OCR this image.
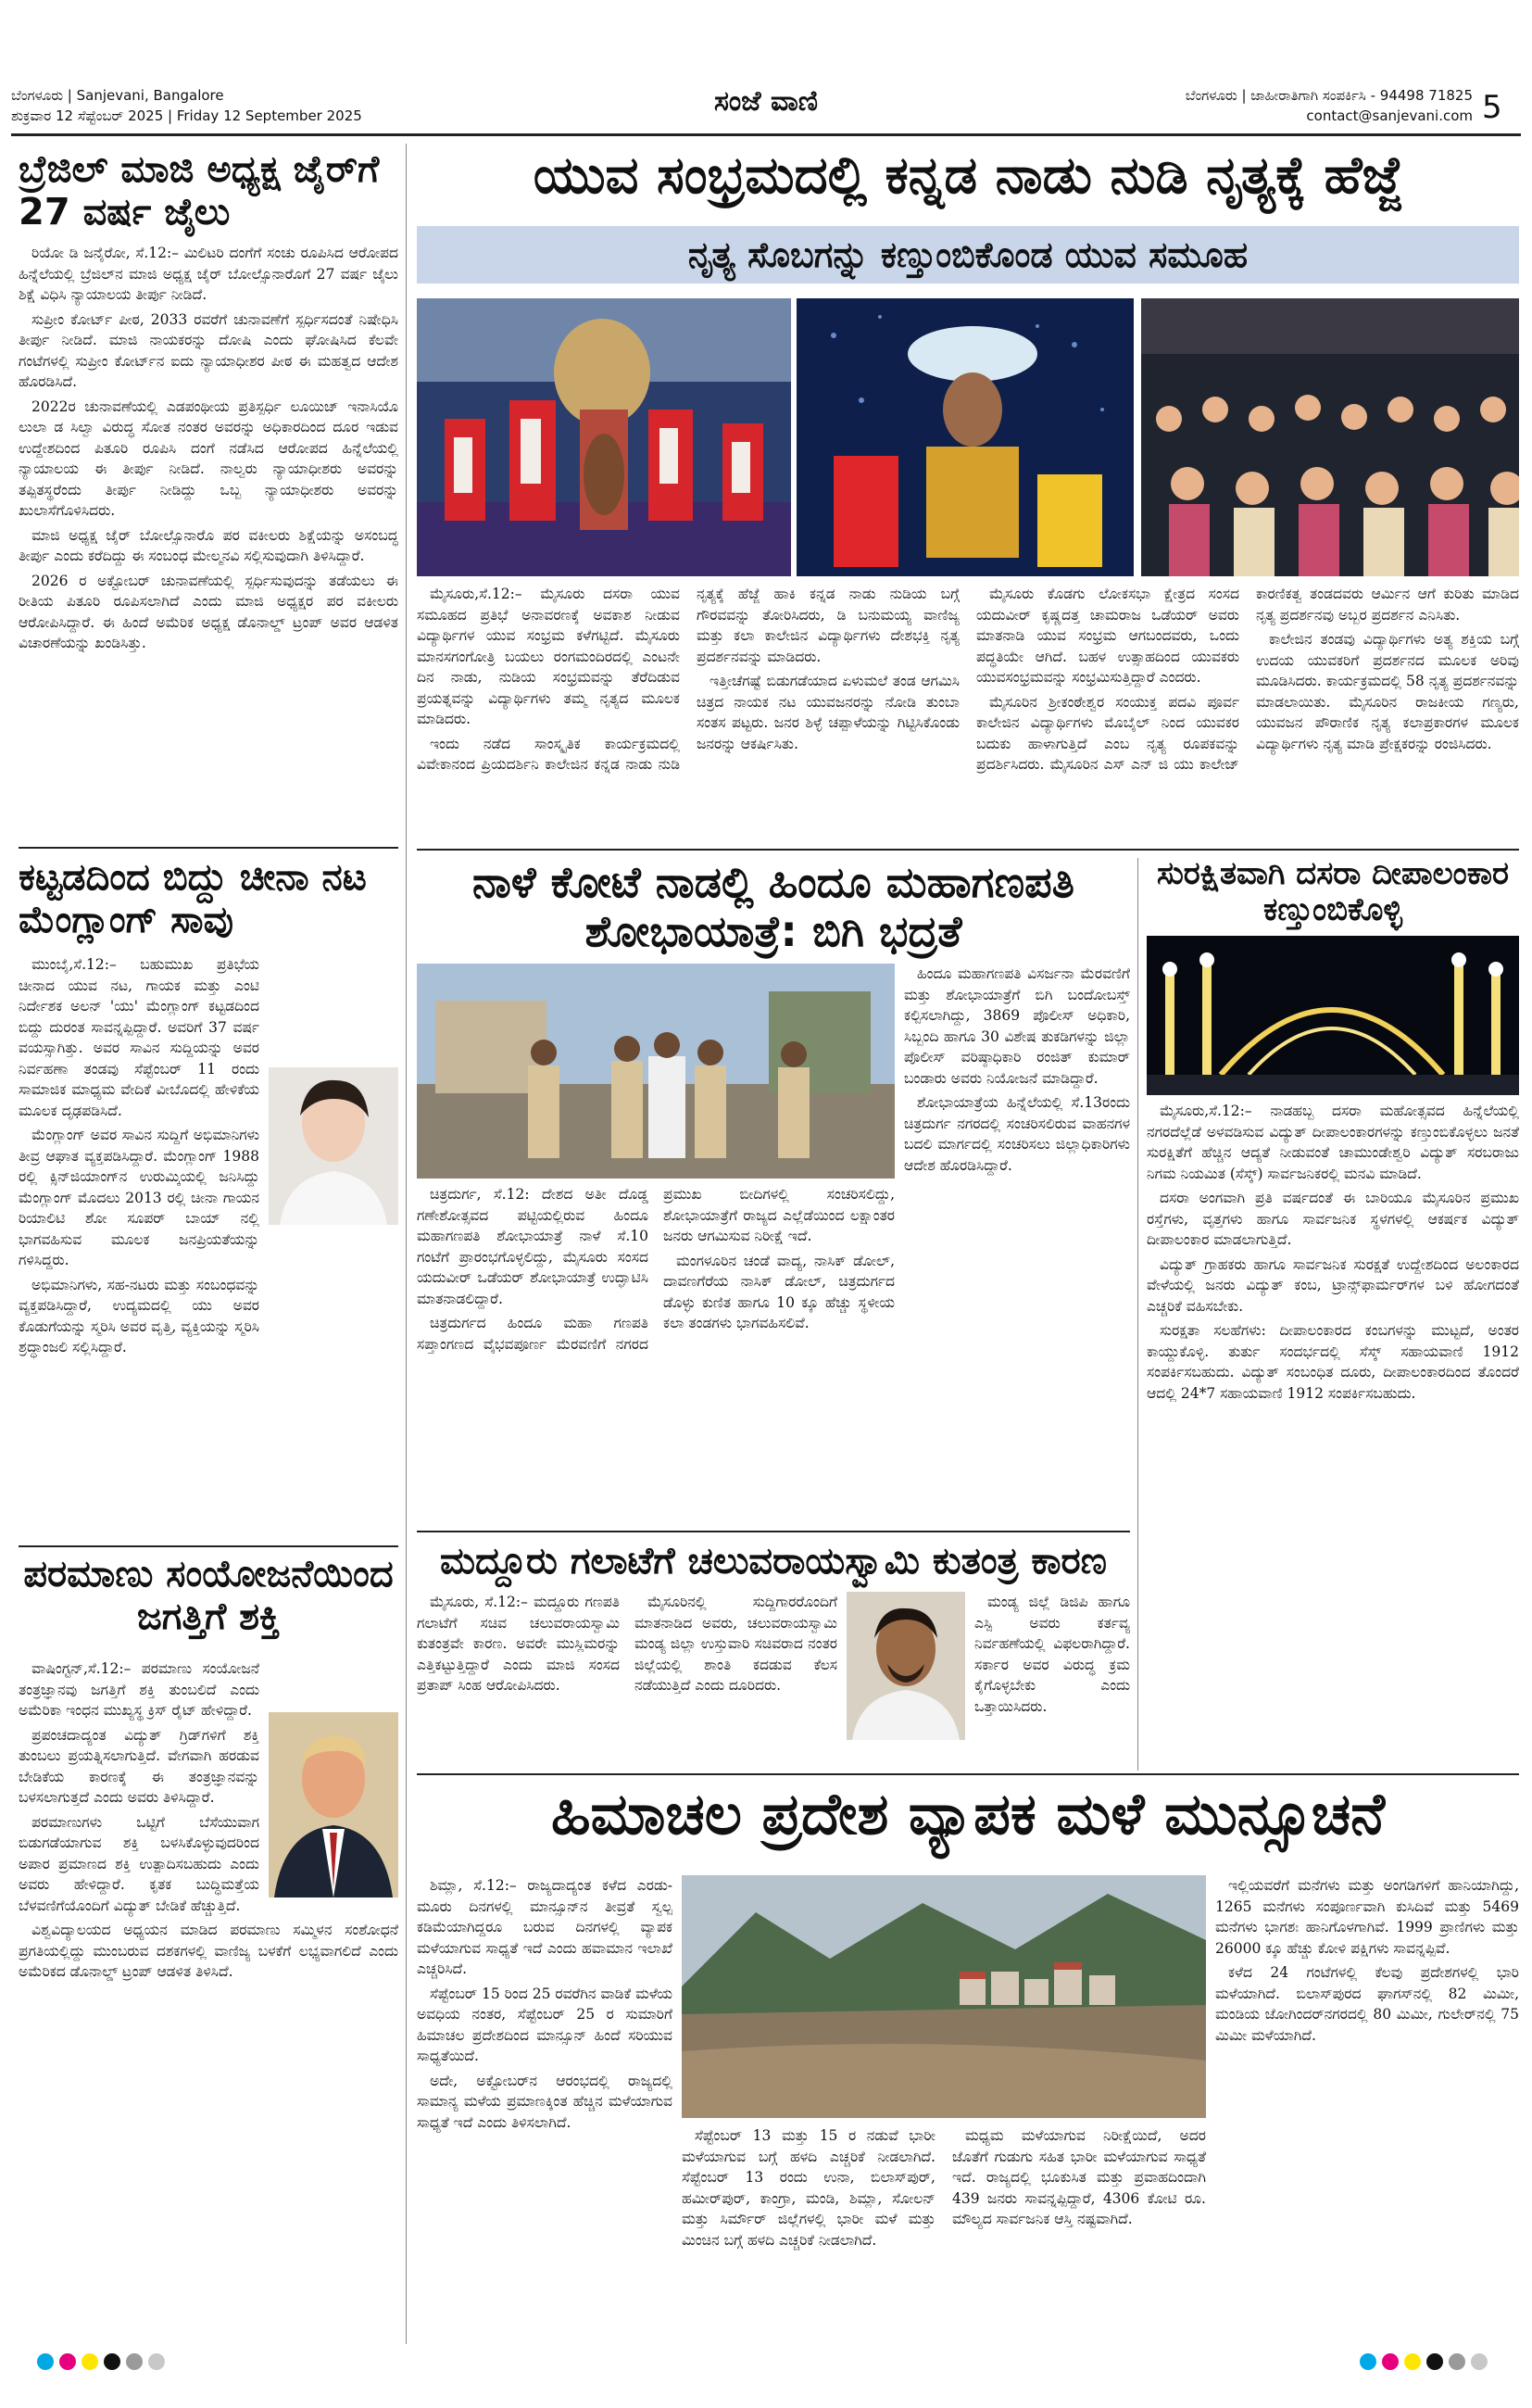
ಬೆಂಗಳೂರು | Sanjevani, Bangalore
ಶುಕ್ರವಾರ 12 ಸೆಪ್ಟೆಂಬರ್ 2025 | Friday 12 September 2025	ಸಂಜೆ ವಾಣಿ	ಬೆಂಗಳೂರು | ಜಾಹೀರಾತಿಗಾಗಿ ಸಂಪರ್ಕಿಸಿ - 94498 71825
contact@sanjevani.com 5
ಬ್ರೆಜಿಲ್ ಮಾಜಿ ಅಧ್ಯಕ್ಷ ಜೈರ್‌ಗೆ 27 ವರ್ಷ ಜೈಲು

ರಿಯೋ ಡಿ ಜನೈರೋ, ಸೆ.12:– ಮಿಲಿಟರಿ ದಂಗೆಗೆ ಸಂಚು ರೂಪಿಸಿದ ಆರೋಪದ ಹಿನ್ನೆಲೆಯಲ್ಲಿ ಬ್ರೆಜಿಲ್‌ನ ಮಾಜಿ ಅಧ್ಯಕ್ಷ ಜೈರ್ ಬೋಲ್ಸೊನಾರೊಗೆ 27 ವರ್ಷ ಜೈಲು ಶಿಕ್ಷೆ ವಿಧಿಸಿ ನ್ಯಾಯಾಲಯ ತೀರ್ಪು ನೀಡಿದೆ.

ಸುಪ್ರೀಂ ಕೋರ್ಟ್ ಪೀಠ, 2033 ರವರೆಗೆ ಚುನಾವಣೆಗೆ ಸ್ಪರ್ಧಿಸದಂತೆ ನಿಷೇಧಿಸಿ ತೀರ್ಪು ನೀಡಿದೆ. ಮಾಜಿ ನಾಯಕರನ್ನು ದೋಷಿ ಎಂದು ಘೋಷಿಸಿದ ಕೆಲವೇ ಗಂಟೆಗಳಲ್ಲಿ ಸುಪ್ರೀಂ ಕೋರ್ಟ್‌ನ ಐದು ನ್ಯಾಯಾಧೀಶರ ಪೀಠ ಈ ಮಹತ್ವದ ಆದೇಶ ಹೊರಡಿಸಿದೆ.

2022ರ ಚುನಾವಣೆಯಲ್ಲಿ ಎಡಪಂಥೀಯ ಪ್ರತಿಸ್ಪರ್ಧಿ ಲೂಯಿಜ್ ಇನಾಸಿಯೊ ಲುಲಾ ಡ ಸಿಲ್ವಾ ವಿರುದ್ಧ ಸೋತ ನಂತರ ಅವರನ್ನು ಅಧಿಕಾರದಿಂದ ದೂರ ಇಡುವ ಉದ್ದೇಶದಿಂದ ಪಿತೂರಿ ರೂಪಿಸಿ ದಂಗೆ ನಡೆಸಿದ ಆರೋಪದ ಹಿನ್ನೆಲೆಯಲ್ಲಿ ನ್ಯಾಯಾಲಯ ಈ ತೀರ್ಪು ನೀಡಿದೆ. ನಾಲ್ವರು ನ್ಯಾಯಾಧೀಶರು ಅವರನ್ನು ತಪ್ಪಿತಸ್ಥರೆಂದು ತೀರ್ಪು ನೀಡಿದ್ದು ಒಬ್ಬ ನ್ಯಾಯಾಧೀಶರು ಅವರನ್ನು ಖುಲಾಸೆಗೊಳಿಸಿದರು.

ಮಾಜಿ ಅಧ್ಯಕ್ಷ ಜೈರ್ ಬೋಲ್ಸೊನಾರೊ ಪರ ವಕೀಲರು ಶಿಕ್ಷೆಯನ್ನು ಅಸಂಬದ್ಧ ತೀರ್ಪು ಎಂದು ಕರೆದಿದ್ದು ಈ ಸಂಬಂಧ ಮೇಲ್ಮನವಿ ಸಲ್ಲಿಸುವುದಾಗಿ ತಿಳಿಸಿದ್ದಾರೆ.

2026 ರ ಅಕ್ಟೋಬರ್ ಚುನಾವಣೆಯಲ್ಲಿ ಸ್ಪರ್ಧಿಸುವುದನ್ನು ತಡೆಯಲು ಈ ರೀತಿಯ ಪಿತೂರಿ ರೂಪಿಸಲಾಗಿದೆ ಎಂದು ಮಾಜಿ ಅಧ್ಯಕ್ಷರ ಪರ ವಕೀಲರು ಆರೋಪಿಸಿದ್ದಾರೆ. ಈ ಹಿಂದೆ ಅಮೆರಿಕ ಅಧ್ಯಕ್ಷ ಡೊನಾಲ್ಡ್ ಟ್ರಂಪ್ ಅವರ ಆಡಳಿತ ವಿಚಾರಣೆಯನ್ನು ಖಂಡಿಸಿತ್ತು.

ಕಟ್ಟಡದಿಂದ ಬಿದ್ದು ಚೀನಾ ನಟ ಮೆಂಗ್ಲಾಂಗ್ ಸಾವು

ಮುಂಬೈ,ಸೆ.12:– ಬಹುಮುಖ ಪ್ರತಿಭೆಯ ಚೀನಾದ ಯುವ ನಟ, ಗಾಯಕ ಮತ್ತು ಎಂಟಿ ನಿರ್ದೇಶಕ ಅಲನ್ 'ಯು' ಮೆಂಗ್ಲಾಂಗ್ ಕಟ್ಟಡದಿಂದ ಬಿದ್ದು ದುರಂತ ಸಾವನ್ನಪ್ಪಿದ್ದಾರೆ. ಅವರಿಗೆ 37 ವರ್ಷ ವಯಸ್ಸಾಗಿತ್ತು. ಅವರ ಸಾವಿನ ಸುದ್ದಿಯನ್ನು ಅವರ ನಿರ್ವಹಣಾ ತಂಡವು ಸೆಪ್ಟೆಂಬರ್ 11 ರಂದು ಸಾಮಾಜಿಕ ಮಾಧ್ಯಮ ವೇದಿಕೆ ವೀಬೊದಲ್ಲಿ ಹೇಳಿಕೆಯ ಮೂಲಕ ದೃಢಪಡಿಸಿದೆ.

ಮೆಂಗ್ಲಾಂಗ್ ಅವರ ಸಾವಿನ ಸುದ್ದಿಗೆ ಅಭಿಮಾನಿಗಳು ತೀವ್ರ ಆಘಾತ ವ್ಯಕ್ತಪಡಿಸಿದ್ದಾರೆ. ಮೆಂಗ್ಲಾಂಗ್ 1988 ರಲ್ಲಿ ಕ್ಸಿನ್‌ಜಿಯಾಂಗ್‌ನ ಉರುಮ್ಕಿಯಲ್ಲಿ ಜನಿಸಿದ್ದು ಮೆಂಗ್ಲಾಂಗ್ ಮೊದಲು 2013 ರಲ್ಲಿ ಚೀನಾ ಗಾಯನ ರಿಯಾಲಿಟಿ ಶೋ ಸೂಪರ್ ಬಾಯ್ ನಲ್ಲಿ ಭಾಗವಹಿಸುವ ಮೂಲಕ ಜನಪ್ರಿಯತೆಯನ್ನು ಗಳಿಸಿದ್ದರು.

ಅಭಿಮಾನಿಗಳು, ಸಹ-ನಟರು ಮತ್ತು ಸಂಬಂಧವನ್ನು ವ್ಯಕ್ತಪಡಿಸಿದ್ದಾರೆ, ಉದ್ಯಮದಲ್ಲಿ ಯು ಅವರ ಕೊಡುಗೆಯನ್ನು ಸ್ಮರಿಸಿ ಅವರ ವೃತ್ತಿ, ವ್ಯಕ್ತಿಯನ್ನು ಸ್ಮರಿಸಿ ಶ್ರದ್ಧಾಂಜಲಿ ಸಲ್ಲಿಸಿದ್ದಾರೆ.

ಪರಮಾಣು ಸಂಯೋಜನೆಯಿಂದ ಜಗತ್ತಿಗೆ ಶಕ್ತಿ

ವಾಷಿಂಗ್ಟನ್,ಸೆ.12:– ಪರಮಾಣು ಸಂಯೋಜನೆ ತಂತ್ರಜ್ಞಾನವು ಜಗತ್ತಿಗೆ ಶಕ್ತಿ ತುಂಬಲಿದೆ ಎಂದು ಅಮೆರಿಕಾ ಇಂಧನ ಮುಖ್ಯಸ್ಥ ಕ್ರಿಸ್ ರೈಟ್ ಹೇಳಿದ್ದಾರೆ.

ಪ್ರಪಂಚದಾದ್ಯಂತ ವಿದ್ಯುತ್ ಗ್ರಿಡ್‌ಗಳಿಗೆ ಶಕ್ತಿ ತುಂಬಲು ಪ್ರಯತ್ನಿಸಲಾಗುತ್ತಿದೆ. ವೇಗವಾಗಿ ಹರಡುವ ಬೇಡಿಕೆಯ ಕಾರಣಕ್ಕೆ ಈ ತಂತ್ರಜ್ಞಾನವನ್ನು ಬಳಸಲಾಗುತ್ತದೆ ಎಂದು ಅವರು ತಿಳಿಸಿದ್ದಾರೆ.

ಪರಮಾಣುಗಳು ಒಟ್ಟಿಗೆ ಬೆಸೆಯುವಾಗ ಬಿಡುಗಡೆಯಾಗುವ ಶಕ್ತಿ ಬಳಸಿಕೊಳ್ಳುವುದರಿಂದ ಅಪಾರ ಪ್ರಮಾಣದ ಶಕ್ತಿ ಉತ್ಪಾದಿಸಬಹುದು ಎಂದು ಅವರು ಹೇಳಿದ್ದಾರೆ. ಕೃತಕ ಬುದ್ಧಿಮತ್ತೆಯ ಬೆಳವಣಿಗೆಯೊಂದಿಗೆ ವಿದ್ಯುತ್ ಬೇಡಿಕೆ ಹೆಚ್ಚುತ್ತಿದೆ.

ವಿಶ್ವವಿದ್ಯಾಲಯದ ಅಧ್ಯಯನ ಮಾಡಿದ ಪರಮಾಣು ಸಮ್ಮಿಳನ ಸಂಶೋಧನೆ ಪ್ರಗತಿಯಲ್ಲಿದ್ದು ಮುಂಬರುವ ದಶಕಗಳಲ್ಲಿ ವಾಣಿಜ್ಯ ಬಳಕೆಗೆ ಲಭ್ಯವಾಗಲಿದೆ ಎಂದು ಅಮೆರಿಕದ ಡೊನಾಲ್ಡ್ ಟ್ರಂಪ್ ಆಡಳಿತ ತಿಳಿಸಿದೆ.

ಯುವ ಸಂಭ್ರಮದಲ್ಲಿ ಕನ್ನಡ ನಾಡು ನುಡಿ ನೃತ್ಯಕ್ಕೆ ಹೆಜ್ಜೆ
ನೃತ್ಯ ಸೊಬಗನ್ನು ಕಣ್ತುಂಬಿಕೊಂಡ ಯುವ ಸಮೂಹ

ಮೈಸೂರು,ಸೆ.12:– ಮೈಸೂರು ದಸರಾ ಯುವ ಸಮೂಹದ ಪ್ರತಿಭೆ ಅನಾವರಣಕ್ಕೆ ಅವಕಾಶ ನೀಡುವ ವಿದ್ಯಾರ್ಥಿಗಳ ಯುವ ಸಂಭ್ರಮ ಕಳೆಗಟ್ಟಿದೆ. ಮೈಸೂರು ಮಾನಸಗಂಗೋತ್ರಿ ಬಯಲು ರಂಗಮಂದಿರದಲ್ಲಿ ಎಂಟನೇ ದಿನ ನಾಡು, ನುಡಿಯ ಸಂಭ್ರಮವನ್ನು ತೆರೆದಿಡುವ ಪ್ರಯತ್ನವನ್ನು ವಿದ್ಯಾರ್ಥಿಗಳು ತಮ್ಮ ನೃತ್ಯದ ಮೂಲಕ ಮಾಡಿದರು.

ಇಂದು ನಡೆದ ಸಾಂಸ್ಕೃತಿಕ ಕಾರ್ಯಕ್ರಮದಲ್ಲಿ ವಿವೇಕಾನಂದ ಪ್ರಿಯದರ್ಶಿನಿ ಕಾಲೇಜಿನ ಕನ್ನಡ ನಾಡು ನುಡಿ ನೃತ್ಯಕ್ಕೆ ಹೆಜ್ಜೆ ಹಾಕಿ ಕನ್ನಡ ನಾಡು ನುಡಿಯ ಬಗ್ಗೆ ಗೌರವವನ್ನು ತೋರಿಸಿದರು, ಡಿ ಬನುಮಯ್ಯ ವಾಣಿಜ್ಯ ಮತ್ತು ಕಲಾ ಕಾಲೇಜಿನ ವಿದ್ಯಾರ್ಥಿಗಳು ದೇಶಭಕ್ತಿ ನೃತ್ಯ ಪ್ರದರ್ಶನವನ್ನು ಮಾಡಿದರು.

ಇತ್ತೀಚೆಗಷ್ಟೆ ಬಿಡುಗಡೆಯಾದ ಏಳುಮಲೆ ತಂಡ ಆಗಮಿಸಿ ಚಿತ್ರದ ನಾಯಕ ನಟ ಯುವಜನರನ್ನು ನೋಡಿ ತುಂಬಾ ಸಂತಸ ಪಟ್ಟರು. ಜನರ ಶಿಳ್ಳೆ ಚಪ್ಪಾಳೆಯನ್ನು ಗಿಟ್ಟಿಸಿಕೊಂಡು ಜನರನ್ನು ಆಕರ್ಷಿಸಿತು.

ಮೈಸೂರು ಕೊಡಗು ಲೋಕಸಭಾ ಕ್ಷೇತ್ರದ ಸಂಸದ ಯದುವೀರ್ ಕೃಷ್ಣದತ್ತ ಚಾಮರಾಜ ಒಡೆಯರ್ ಅವರು ಮಾತನಾಡಿ ಯುವ ಸಂಭ್ರಮ ಆಗಬಂದವರು, ಒಂದು ಪದ್ಧತಿಯೇ ಆಗಿದೆ. ಬಹಳ ಉತ್ಸಾಹದಿಂದ ಯುವಕರು ಯುವಸಂಭ್ರಮವನ್ನು ಸಂಭ್ರಮಿಸುತ್ತಿದ್ದಾರೆ ಎಂದರು.

ಮೈಸೂರಿನ ಶ್ರೀಕಂಠೇಶ್ವರ ಸಂಯುಕ್ತ ಪದವಿ ಪೂರ್ವ ಕಾಲೇಜಿನ ವಿದ್ಯಾರ್ಥಿಗಳು ಮೊಬೈಲ್ ನಿಂದ ಯುವಕರ ಬದುಕು ಹಾಳಾಗುತ್ತಿದೆ ಎಂಬ ನೃತ್ಯ ರೂಪಕವನ್ನು ಪ್ರದರ್ಶಿಸಿದರು. ಮೈಸೂರಿನ ಎಸ್ ಎನ್ ಜಿ ಯು ಕಾಲೇಜ್ ಕಾರಣಿಕತ್ವ ತಂಡದವರು ಆರ್ಮಿನ ಆಗೆ ಕುರಿತು ಮಾಡಿದ ನೃತ್ಯ ಪ್ರದರ್ಶನವು ಅಬ್ಬರ ಪ್ರದರ್ಶನ ಎನಿಸಿತು.

ಕಾಲೇಜಿನ ತಂಡವು ವಿದ್ಯಾರ್ಥಿಗಳು ಅತ್ಯ ಶಕ್ತಿಯ ಬಗ್ಗೆ ಉದಯ ಯುವಕರಿಗೆ ಪ್ರದರ್ಶನದ ಮೂಲಕ ಅರಿವು ಮೂಡಿಸಿದರು. ಕಾರ್ಯಕ್ರಮದಲ್ಲಿ 58 ನೃತ್ಯ ಪ್ರದರ್ಶನವನ್ನು ಮಾಡಲಾಯಿತು. ಮೈಸೂರಿನ ರಾಜಕೀಯ ಗಣ್ಯರು, ಯುವಜನ ಪೌರಾಣಿಕ ನೃತ್ಯ ಕಲಾಪ್ರಕಾರಗಳ ಮೂಲಕ ವಿದ್ಯಾರ್ಥಿಗಳು ನೃತ್ಯ ಮಾಡಿ ಪ್ರೇಕ್ಷಕರನ್ನು ರಂಜಿಸಿದರು.

ನಾಳೆ ಕೋಟೆ ನಾಡಲ್ಲಿ ಹಿಂದೂ ಮಹಾಗಣಪತಿ ಶೋಭಾಯಾತ್ರೆ: ಬಿಗಿ ಭದ್ರತೆ

ಚಿತ್ರದುರ್ಗ, ಸೆ.12: ದೇಶದ ಅತೀ ದೊಡ್ಡ ಗಣೇಶೋತ್ಸವದ ಪಟ್ಟಿಯಲ್ಲಿರುವ ಹಿಂದೂ ಮಹಾಗಣಪತಿ ಶೋಭಾಯಾತ್ರೆ ನಾಳೆ ಸೆ.10 ಗಂಟೆಗೆ ಪ್ರಾರಂಭಗೊಳ್ಳಲಿದ್ದು, ಮೈಸೂರು ಸಂಸದ ಯದುವೀರ್ ಒಡೆಯರ್ ಶೋಭಾಯಾತ್ರೆ ಉದ್ಘಾಟಿಸಿ ಮಾತನಾಡಲಿದ್ದಾರೆ.

ಚಿತ್ರದುರ್ಗದ ಹಿಂದೂ ಮಹಾ ಗಣಪತಿ ಸಪ್ತಾಂಗಣದ ವೈಭವಪೂರ್ಣ ಮೆರವಣಿಗೆ ನಗರದ ಪ್ರಮುಖ ಬೀದಿಗಳಲ್ಲಿ ಸಂಚರಿಸಲಿದ್ದು, ಶೋಭಾಯಾತ್ರೆಗೆ ರಾಜ್ಯದ ಎಲ್ಲೆಡೆಯಿಂದ ಲಕ್ಷಾಂತರ ಜನರು ಆಗಮಿಸುವ ನಿರೀಕ್ಷೆ ಇದೆ.

ಮಂಗಳೂರಿನ ಚಂಡೆ ವಾದ್ಯ, ನಾಸಿಕ್ ಡೋಲ್, ದಾವಣಗೆರೆಯ ನಾಸಿಕ್ ಡೋಲ್, ಚಿತ್ರದುರ್ಗದ ಡೊಳ್ಳು ಕುಣಿತ ಹಾಗೂ 10 ಕ್ಕೂ ಹೆಚ್ಚು ಸ್ಥಳೀಯ ಕಲಾ ತಂಡಗಳು ಭಾಗವಹಿಸಲಿವೆ.

ಹಿಂದೂ ಮಹಾಗಣಪತಿ ವಿಸರ್ಜನಾ ಮೆರವಣಿಗೆ ಮತ್ತು ಶೋಭಾಯಾತ್ರೆಗೆ ಬಿಗಿ ಬಂದೋಬಸ್ತ್ ಕಲ್ಪಿಸಲಾಗಿದ್ದು, 3869 ಪೊಲೀಸ್ ಅಧಿಕಾರಿ, ಸಿಬ್ಬಂದಿ ಹಾಗೂ 30 ವಿಶೇಷ ತುಕಡಿಗಳನ್ನು ಜಿಲ್ಲಾ ಪೊಲೀಸ್ ವರಿಷ್ಠಾಧಿಕಾರಿ ರಂಜಿತ್ ಕುಮಾರ್ ಬಂಡಾರು ಅವರು ನಿಯೋಜನೆ ಮಾಡಿದ್ದಾರೆ.

ಶೋಭಾಯಾತ್ರೆಯ ಹಿನ್ನೆಲೆಯಲ್ಲಿ ಸೆ.13ರಂದು ಚಿತ್ರದುರ್ಗ ನಗರದಲ್ಲಿ ಸಂಚರಿಸಲಿರುವ ವಾಹನಗಳ ಬದಲಿ ಮಾರ್ಗದಲ್ಲಿ ಸಂಚರಿಸಲು ಜಿಲ್ಲಾಧಿಕಾರಿಗಳು ಆದೇಶ ಹೊರಡಿಸಿದ್ದಾರೆ.

ಮದ್ದೂರು ಗಲಾಟೆಗೆ ಚಲುವರಾಯಸ್ವಾಮಿ ಕುತಂತ್ರ ಕಾರಣ

ಮೈಸೂರು, ಸೆ.12:– ಮದ್ದೂರು ಗಣಪತಿ ಗಲಾಟೆಗೆ ಸಚಿವ ಚಲುವರಾಯಸ್ವಾಮಿ ಕುತಂತ್ರವೇ ಕಾರಣ. ಅವರೇ ಮುಸ್ಲಿಮರನ್ನು ಎತ್ತಿಕಟ್ಟುತ್ತಿದ್ದಾರೆ ಎಂದು ಮಾಜಿ ಸಂಸದ ಪ್ರತಾಪ್ ಸಿಂಹ ಆರೋಪಿಸಿದರು.

ಮೈಸೂರಿನಲ್ಲಿ ಸುದ್ದಿಗಾರರೊಂದಿಗೆ ಮಾತನಾಡಿದ ಅವರು, ಚಲುವರಾಯಸ್ವಾಮಿ ಮಂಡ್ಯ ಜಿಲ್ಲಾ ಉಸ್ತುವಾರಿ ಸಚಿವರಾದ ನಂತರ ಜಿಲ್ಲೆಯಲ್ಲಿ ಶಾಂತಿ ಕದಡುವ ಕೆಲಸ ನಡೆಯುತ್ತಿದೆ ಎಂದು ದೂರಿದರು.

ಮಂಡ್ಯ ಜಿಲ್ಲೆ ಡಿಜಿಪಿ ಹಾಗೂ ಎಸ್ಪಿ ಅವರು ಕರ್ತವ್ಯ ನಿರ್ವಹಣೆಯಲ್ಲಿ ವಿಫಲರಾಗಿದ್ದಾರೆ. ಸರ್ಕಾರ ಅವರ ವಿರುದ್ಧ ಕ್ರಮ ಕೈಗೊಳ್ಳಬೇಕು ಎಂದು ಒತ್ತಾಯಿಸಿದರು.

ಸುರಕ್ಷಿತವಾಗಿ ದಸರಾ ದೀಪಾಲಂಕಾರ ಕಣ್ತುಂಬಿಕೊಳ್ಳಿ

ಮೈಸೂರು,ಸೆ.12:– ನಾಡಹಬ್ಬ ದಸರಾ ಮಹೋತ್ಸವದ ಹಿನ್ನೆಲೆಯಲ್ಲಿ ನಗರದೆಲ್ಲೆಡೆ ಅಳವಡಿಸುವ ವಿದ್ಯುತ್ ದೀಪಾಲಂಕಾರಗಳನ್ನು ಕಣ್ತುಂಬಿಕೊಳ್ಳಲು ಜನತೆ ಸುರಕ್ಷಿತೆಗೆ ಹೆಚ್ಚಿನ ಆದ್ಯತೆ ನೀಡುವಂತೆ ಚಾಮುಂಡೇಶ್ವರಿ ವಿದ್ಯುತ್ ಸರಬರಾಜು ನಿಗಮ ನಿಯಮಿತ (ಸೆಸ್ಕ್) ಸಾರ್ವಜನಿಕರಲ್ಲಿ ಮನವಿ ಮಾಡಿದೆ.

ದಸರಾ ಅಂಗವಾಗಿ ಪ್ರತಿ ವರ್ಷದಂತೆ ಈ ಬಾರಿಯೂ ಮೈಸೂರಿನ ಪ್ರಮುಖ ರಸ್ತೆಗಳು, ವೃತ್ತಗಳು ಹಾಗೂ ಸಾರ್ವಜನಿಕ ಸ್ಥಳಗಳಲ್ಲಿ ಆಕರ್ಷಕ ವಿದ್ಯುತ್ ದೀಪಾಲಂಕಾರ ಮಾಡಲಾಗುತ್ತಿದೆ.

ವಿದ್ಯುತ್ ಗ್ರಾಹಕರು ಹಾಗೂ ಸಾರ್ವಜನಿಕ ಸುರಕ್ಷತೆ ಉದ್ದೇಶದಿಂದ ಅಲಂಕಾರದ ವೇಳೆಯಲ್ಲಿ ಜನರು ವಿದ್ಯುತ್ ಕಂಬ, ಟ್ರಾನ್ಸ್‌ಫಾರ್ಮರ್‌ಗಳ ಬಳಿ ಹೋಗದಂತೆ ಎಚ್ಚರಿಕೆ ವಹಿಸಬೇಕು.

ಸುರಕ್ಷತಾ ಸಲಹೆಗಳು: ದೀಪಾಲಂಕಾರದ ಕಂಬಗಳನ್ನು ಮುಟ್ಟದೆ, ಅಂತರ ಕಾಯ್ದುಕೊಳ್ಳಿ. ತುರ್ತು ಸಂದರ್ಭದಲ್ಲಿ ಸೆಸ್ಕ್ ಸಹಾಯವಾಣಿ 1912 ಸಂಪರ್ಕಿಸಬಹುದು. ವಿದ್ಯುತ್ ಸಂಬಂಧಿತ ದೂರು, ದೀಪಾಲಂಕಾರದಿಂದ ತೊಂದರೆ ಆದಲ್ಲಿ 24*7 ಸಹಾಯವಾಣಿ 1912 ಸಂಪರ್ಕಿಸಬಹುದು.

ಹಿಮಾಚಲ ಪ್ರದೇಶ ವ್ಯಾಪಕ ಮಳೆ ಮುನ್ಸೂಚನೆ

ಶಿಮ್ಲಾ, ಸೆ.12:– ರಾಜ್ಯದಾದ್ಯಂತ ಕಳೆದ ಎರಡು-ಮೂರು ದಿನಗಳಲ್ಲಿ ಮಾನ್ಸೂನ್‌ನ ತೀವ್ರತೆ ಸ್ವಲ್ಪ ಕಡಿಮೆಯಾಗಿದ್ದರೂ ಬರುವ ದಿನಗಳಲ್ಲಿ ವ್ಯಾಪಕ ಮಳೆಯಾಗುವ ಸಾಧ್ಯತೆ ಇದೆ ಎಂದು ಹವಾಮಾನ ಇಲಾಖೆ ಎಚ್ಚರಿಸಿದೆ.

ಸೆಪ್ಟೆಂಬರ್ 15 ರಿಂದ 25 ರವರೆಗಿನ ವಾಡಿಕೆ ಮಳೆಯ ಅವಧಿಯ ನಂತರ, ಸೆಪ್ಟೆಂಬರ್ 25 ರ ಸುಮಾರಿಗೆ ಹಿಮಾಚಲ ಪ್ರದೇಶದಿಂದ ಮಾನ್ಸೂನ್ ಹಿಂದೆ ಸರಿಯುವ ಸಾಧ್ಯತೆಯಿದೆ.

ಅದೇ, ಅಕ್ಟೋಬರ್‌ನ ಆರಂಭದಲ್ಲಿ ರಾಜ್ಯದಲ್ಲಿ ಸಾಮಾನ್ಯ ಮಳೆಯ ಪ್ರಮಾಣಕ್ಕಿಂತ ಹೆಚ್ಚಿನ ಮಳೆಯಾಗುವ ಸಾಧ್ಯತೆ ಇದೆ ಎಂದು ತಿಳಿಸಲಾಗಿದೆ.

ಸೆಪ್ಟೆಂಬರ್ 13 ಮತ್ತು 15 ರ ನಡುವೆ ಭಾರೀ ಮಳೆಯಾಗುವ ಬಗ್ಗೆ ಹಳದಿ ಎಚ್ಚರಿಕೆ ನೀಡಲಾಗಿದೆ. ಸೆಪ್ಟೆಂಬರ್ 13 ರಂದು ಉನಾ, ಬಿಲಾಸ್‌ಪುರ್, ಹಮೀರ್‌ಪುರ್, ಕಾಂಗ್ರಾ, ಮಂಡಿ, ಶಿಮ್ಲಾ, ಸೋಲನ್ ಮತ್ತು ಸಿರ್ಮೌರ್ ಜಿಲ್ಲೆಗಳಲ್ಲಿ ಭಾರೀ ಮಳೆ ಮತ್ತು ಮಿಂಚಿನ ಬಗ್ಗೆ ಹಳದಿ ಎಚ್ಚರಿಕೆ ನೀಡಲಾಗಿದೆ.

ಮಧ್ಯಮ ಮಳೆಯಾಗುವ ನಿರೀಕ್ಷೆಯಿದೆ, ಅದರ ಜೊತೆಗೆ ಗುಡುಗು ಸಹಿತ ಭಾರೀ ಮಳೆಯಾಗುವ ಸಾಧ್ಯತೆ ಇದೆ. ರಾಜ್ಯದಲ್ಲಿ ಭೂಕುಸಿತ ಮತ್ತು ಪ್ರವಾಹದಿಂದಾಗಿ 439 ಜನರು ಸಾವನ್ನಪ್ಪಿದ್ದಾರೆ, 4306 ಕೋಟಿ ರೂ. ಮೌಲ್ಯದ ಸಾರ್ವಜನಿಕ ಆಸ್ತಿ ನಷ್ಟವಾಗಿದೆ.

ಇಲ್ಲಿಯವರೆಗೆ ಮನೆಗಳು ಮತ್ತು ಅಂಗಡಿಗಳಿಗೆ ಹಾನಿಯಾಗಿದ್ದು, 1265 ಮನೆಗಳು ಸಂಪೂರ್ಣವಾಗಿ ಕುಸಿದಿವೆ ಮತ್ತು 5469 ಮನೆಗಳು ಭಾಗಶಃ ಹಾನಿಗೊಳಗಾಗಿವೆ. 1999 ಪ್ರಾಣಿಗಳು ಮತ್ತು 26000 ಕ್ಕೂ ಹೆಚ್ಚು ಕೋಳಿ ಪಕ್ಷಿಗಳು ಸಾವನ್ನಪ್ಪಿವೆ.

ಕಳೆದ 24 ಗಂಟೆಗಳಲ್ಲಿ ಕೆಲವು ಪ್ರದೇಶಗಳಲ್ಲಿ ಭಾರಿ ಮಳೆಯಾಗಿದೆ. ಬಿಲಾಸ್‌ಪುರದ ಘಾಗಸ್‌ನಲ್ಲಿ 82 ಮಿಮೀ, ಮಂಡಿಯ ಜೋಗಿಂದರ್‌ನಗರದಲ್ಲಿ 80 ಮಿಮೀ, ಗುಲೇರ್‌ನಲ್ಲಿ 75 ಮಿಮೀ ಮಳೆಯಾಗಿದೆ.
